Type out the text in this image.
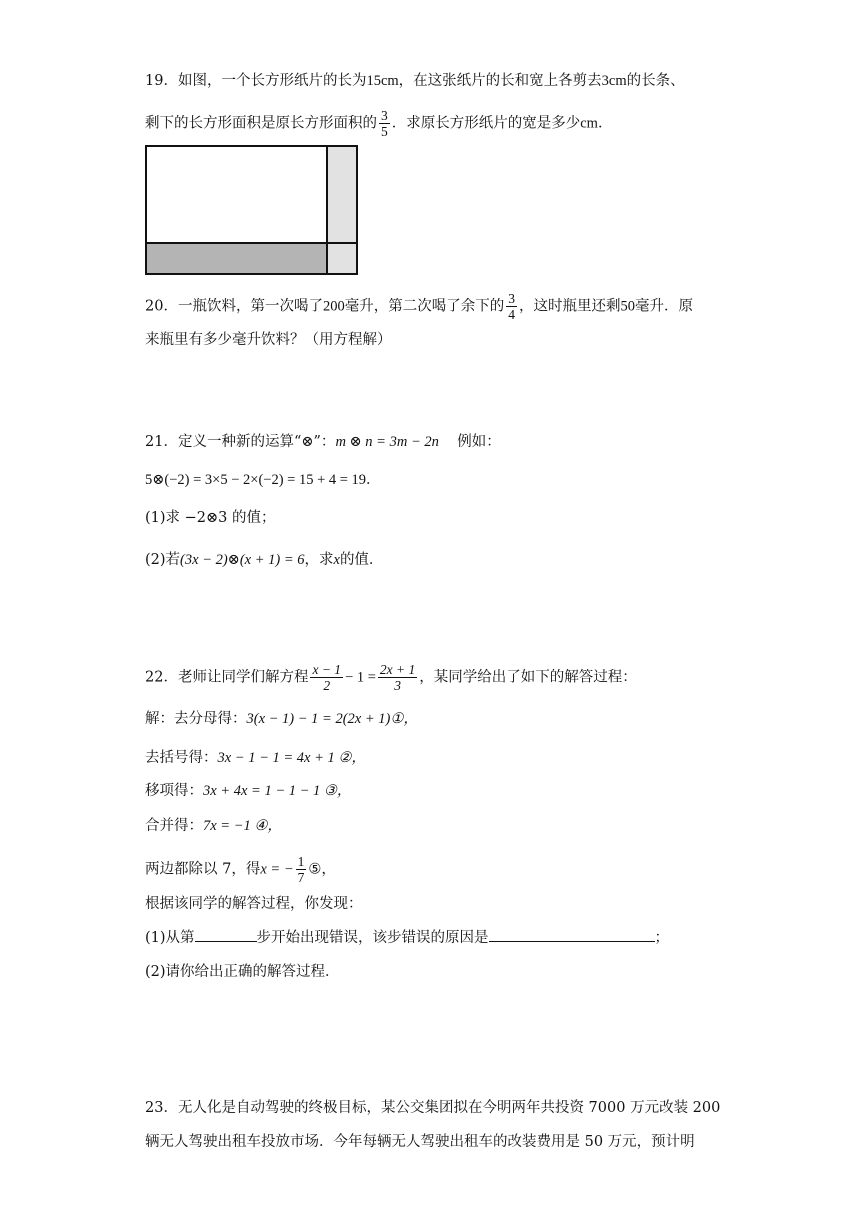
19．如图，一个长方形纸片的长为15cm，在这张纸片的长和宽上各剪去3cm的长条、
剩下的长方形面积是原长方形面积的 $\frac{3}{5}$ ．求原长方形纸片的宽是多少cm．
20．一瓶饮料，第一次喝了200毫升，第二次喝了余下的 $\frac{3}{4}$ ，这时瓶里还剩50毫升．原
来瓶里有多少毫升饮料？（用方程解）
21．定义一种新的运算“⊗”：m ⊗ n = 3m − 2n 例如：
5⊗(−2) = 3×5 − 2×(−2) = 15 + 4 = 19．
(1)求 −2⊗3 的值；
(2)若(3x − 2)⊗(x + 1) = 6，求x的值．
22．老师让同学们解方程 $\frac{x - 1}{2} - 1 = \frac{2x + 1}{3}$ ，某同学给出了如下的解答过程：
解：去分母得：3(x − 1) − 1 = 2(2x + 1)①，
去括号得：3x − 1 − 1 = 4x + 1 ②，
移项得：3x + 4x = 1 − 1 − 1 ③，
合并得：7x = −1 ④，
两边都除以 7，得x = − $\frac{1}{7}$ ⑤，
根据该同学的解答过程，你发现：
(1)从第	步开始出现错误，该步错误的原因是	；
(2)请你给出正确的解答过程．
23．无人化是自动驾驶的终极目标，某公交集团拟在今明两年共投资 7000 万元改装 200
辆无人驾驶出租车投放市场．今年每辆无人驾驶出租车的改装费用是 50 万元，预计明
